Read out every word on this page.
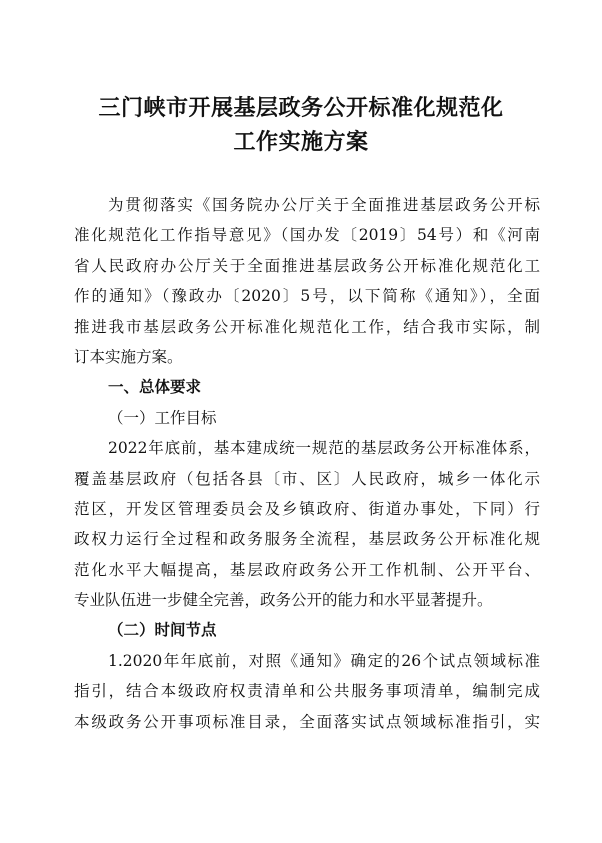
三门峡市开展基层政务公开标准化规范化
工作实施方案
为贯彻落实《国务院办公厅关于全面推进基层政务公开标
准化规范化工作指导意见》（国办发〔2019〕54号）和《河南
省人民政府办公厅关于全面推进基层政务公开标准化规范化工
作的通知》（豫政办〔2020〕5号，以下简称《通知》），全面
推进我市基层政务公开标准化规范化工作，结合我市实际，制
订本实施方案。
一、总体要求
（一）工作目标
2022年底前，基本建成统一规范的基层政务公开标准体系，
覆盖基层政府（包括各县〔市、区〕人民政府，城乡一体化示
范区，开发区管理委员会及乡镇政府、街道办事处，下同）行
政权力运行全过程和政务服务全流程，基层政务公开标准化规
范化水平大幅提高，基层政府政务公开工作机制、公开平台、
专业队伍进一步健全完善，政务公开的能力和水平显著提升。
（二）时间节点
1.2020年年底前，对照《通知》确定的26个试点领域标准
指引，结合本级政府权责清单和公共服务事项清单，编制完成
本级政务公开事项标准目录，全面落实试点领域标准指引，实
